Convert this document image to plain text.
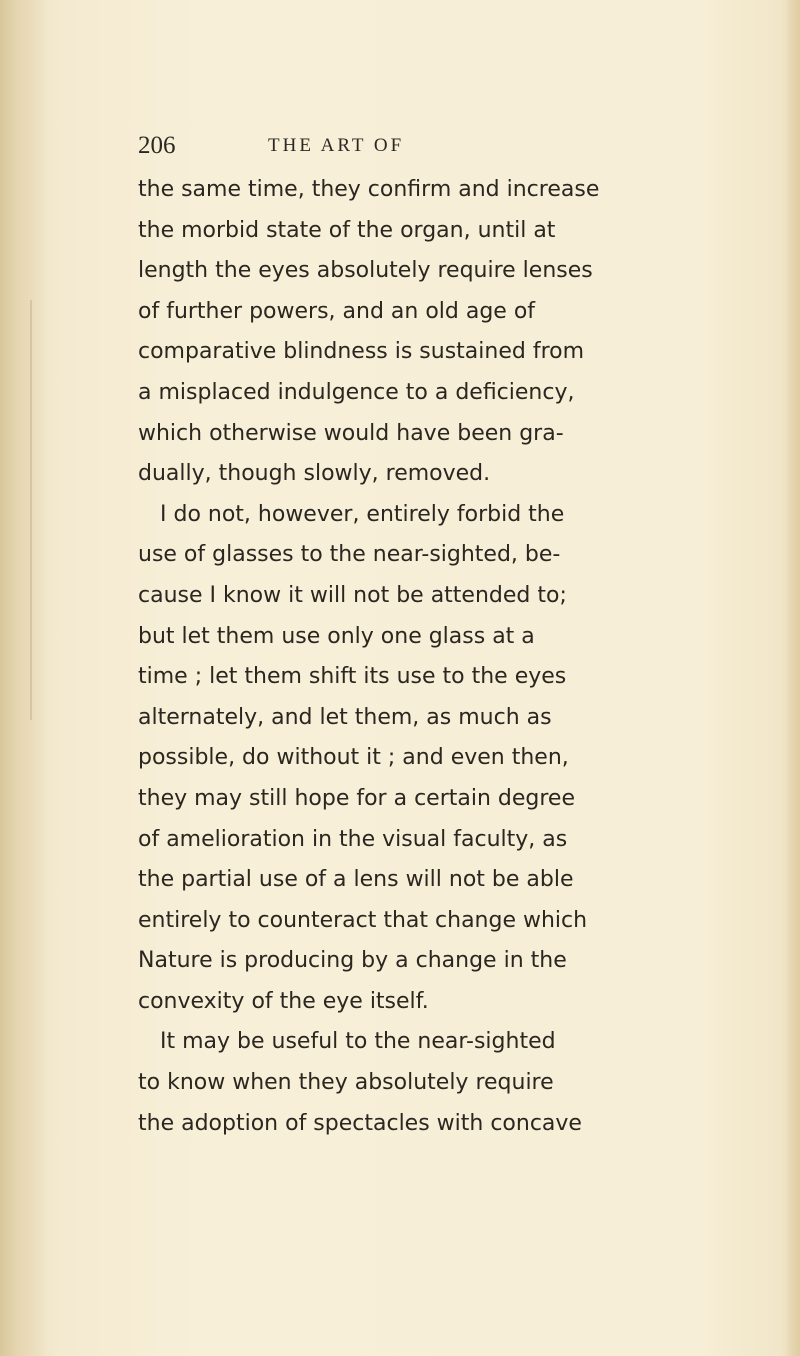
206	THE ART OF
the same time, they confirm and increase
the morbid state of the organ, until at
length the eyes absolutely require lenses
of further powers, and an old age of
comparative blindness is sustained from
a misplaced indulgence to a deficiency,
which otherwise would have been gra-
dually, though slowly, removed.
I do not, however, entirely forbid the
use of glasses to the near-sighted, be-
cause I know it will not be attended to;
but let them use only one glass at a
time ; let them shift its use to the eyes
alternately, and let them, as much as
possible, do without it ; and even then,
they may still hope for a certain degree
of amelioration in the visual faculty, as
the partial use of a lens will not be able
entirely to counteract that change which
Nature is producing by a change in the
convexity of the eye itself.
It may be useful to the near-sighted
to know when they absolutely require
the adoption of spectacles with concave
